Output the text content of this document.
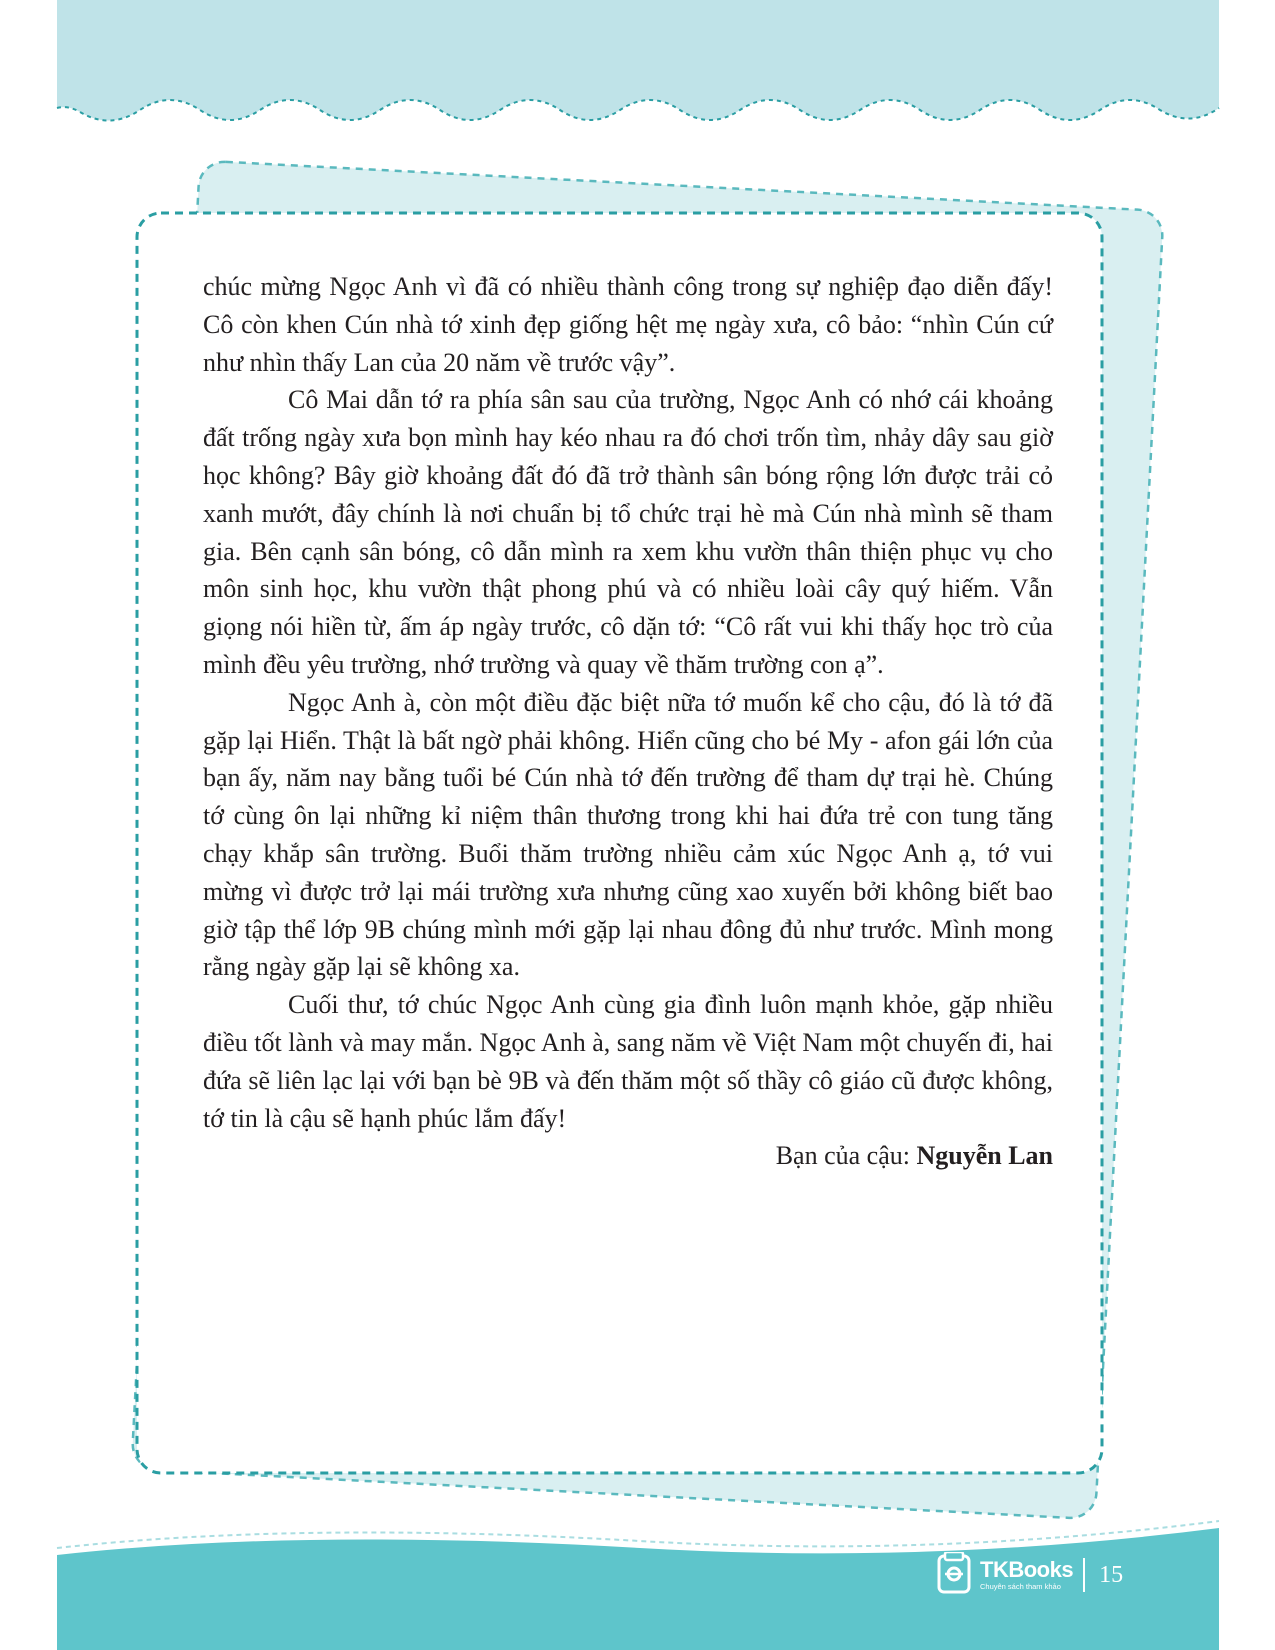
chúc mừng Ngọc Anh vì đã có nhiều thành công trong sự nghiệp đạo diễn đấy! Cô còn khen Cún nhà tớ xinh đẹp giống hệt mẹ ngày xưa, cô bảo: “nhìn Cún cứ như nhìn thấy Lan của 20 năm về trước vậy”.

Cô Mai dẫn tớ ra phía sân sau của trường, Ngọc Anh có nhớ cái khoảng đất trống ngày xưa bọn mình hay kéo nhau ra đó chơi trốn tìm, nhảy dây sau giờ học không? Bây giờ khoảng đất đó đã trở thành sân bóng rộng lớn được trải cỏ xanh mướt, đây chính là nơi chuẩn bị tổ chức trại hè mà Cún nhà mình sẽ tham gia. Bên cạnh sân bóng, cô dẫn mình ra xem khu vườn thân thiện phục vụ cho môn sinh học, khu vườn thật phong phú và có nhiều loài cây quý hiếm. Vẫn giọng nói hiền từ, ấm áp ngày trước, cô dặn tớ: “Cô rất vui khi thấy học trò của mình đều yêu trường, nhớ trường và quay về thăm trường con ạ”.

Ngọc Anh à, còn một điều đặc biệt nữa tớ muốn kể cho cậu, đó là tớ đã gặp lại Hiển. Thật là bất ngờ phải không. Hiển cũng cho bé My - afon gái lớn của bạn ấy, năm nay bằng tuổi bé Cún nhà tớ đến trường để tham dự trại hè. Chúng tớ cùng ôn lại những kỉ niệm thân thương trong khi hai đứa trẻ con tung tăng chạy khắp sân trường. Buổi thăm trường nhiều cảm xúc Ngọc Anh ạ, tớ vui mừng vì được trở lại mái trường xưa nhưng cũng xao xuyến bởi không biết bao giờ tập thể lớp 9B chúng mình mới gặp lại nhau đông đủ như trước. Mình mong rằng ngày gặp lại sẽ không xa.

Cuối thư, tớ chúc Ngọc Anh cùng gia đình luôn mạnh khỏe, gặp nhiều điều tốt lành và may mắn. Ngọc Anh à, sang năm về Việt Nam một chuyến đi, hai đứa sẽ liên lạc lại với bạn bè 9B và đến thăm một số thầy cô giáo cũ được không, tớ tin là cậu sẽ hạnh phúc lắm đấy!

Bạn của cậu: Nguyễn Lan

TKBooks
Chuyên sách tham khảo	15
